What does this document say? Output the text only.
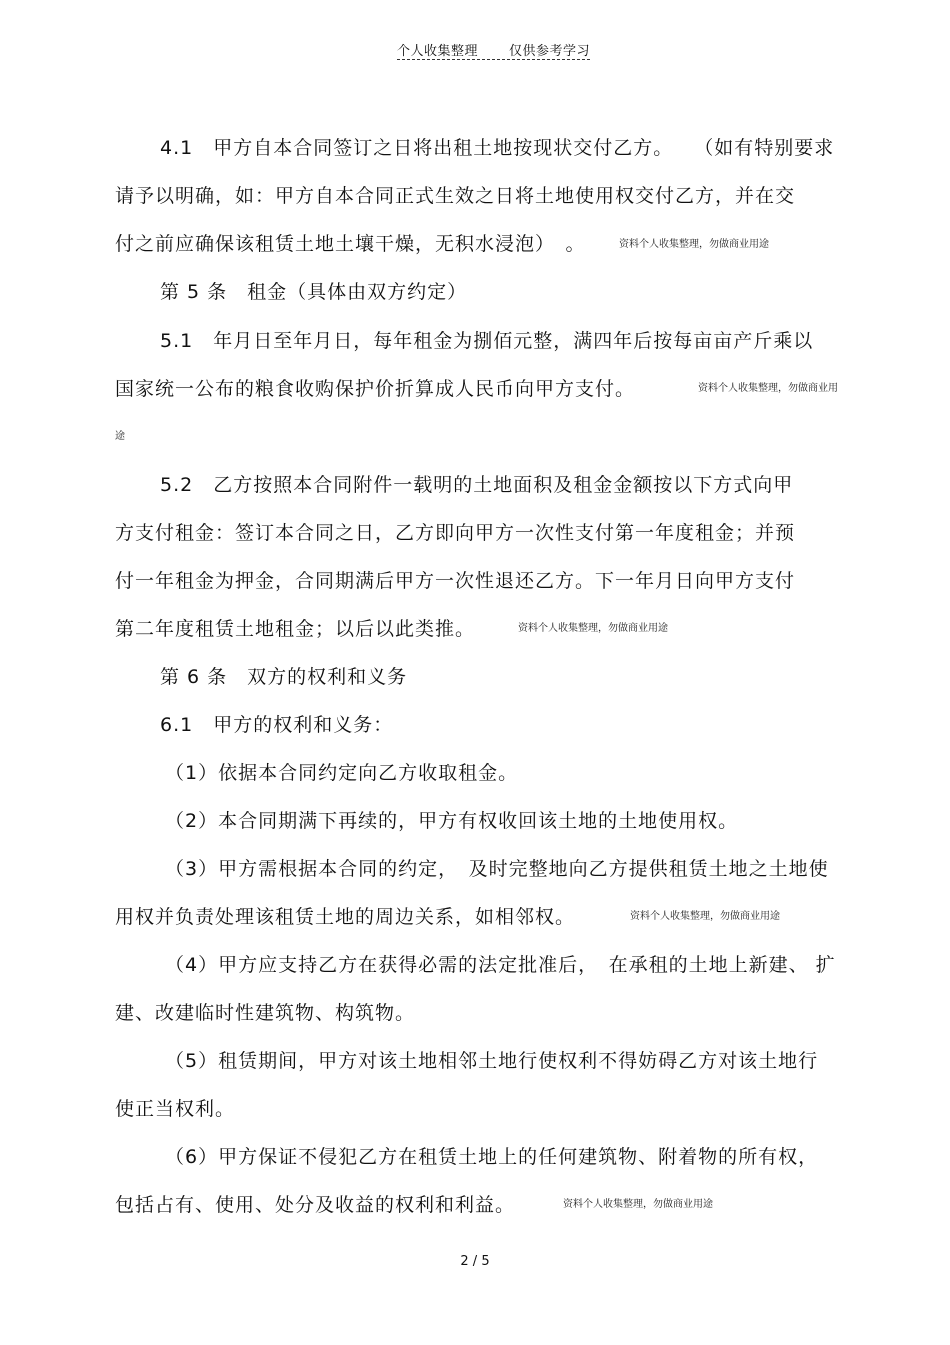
个人收集整理 仅供参考学习
4.1　甲方自本合同签订之日将出租土地按现状交付乙方。　　（如有特别要求
请予以明确，如：甲方自本合同正式生效之日将土地使用权交付乙方，并在交
付之前应确保该租赁土地土壤干燥，无积水浸泡）　。	资料个人收集整理，勿做商业用途
第 5 条　租金（具体由双方约定）
5.1　年月日至年月日，每年租金为捌佰元整，满四年后按每亩亩产斤乘以
国家统一公布的粮食收购保护价折算成人民币向甲方支付。	资料个人收集整理，勿做商业用
途
5.2　乙方按照本合同附件一载明的土地面积及租金金额按以下方式向甲
方支付租金：签订本合同之日，乙方即向甲方一次性支付第一年度租金；并预
付一年租金为押金，合同期满后甲方一次性退还乙方。下一年月日向甲方支付
第二年度租赁土地租金；以后以此类推。	资料个人收集整理，勿做商业用途
第 6 条　双方的权利和义务
6.1　甲方的权利和义务：
（1）依据本合同约定向乙方收取租金。
（2）本合同期满下再续的，甲方有权收回该土地的土地使用权。
（3）甲方需根据本合同的约定，　及时完整地向乙方提供租赁土地之土地使
用权并负责处理该租赁土地的周边关系，如相邻权。	资料个人收集整理，勿做商业用途
（4）甲方应支持乙方在获得必需的法定批准后，　在承租的土地上新建、 扩
建、改建临时性建筑物、构筑物。
（5）租赁期间，甲方对该土地相邻土地行使权利不得妨碍乙方对该土地行
使正当权利。
（6）甲方保证不侵犯乙方在租赁土地上的任何建筑物、附着物的所有权，
包括占有、使用、处分及收益的权利和利益。	资料个人收集整理，勿做商业用途
2 / 5
